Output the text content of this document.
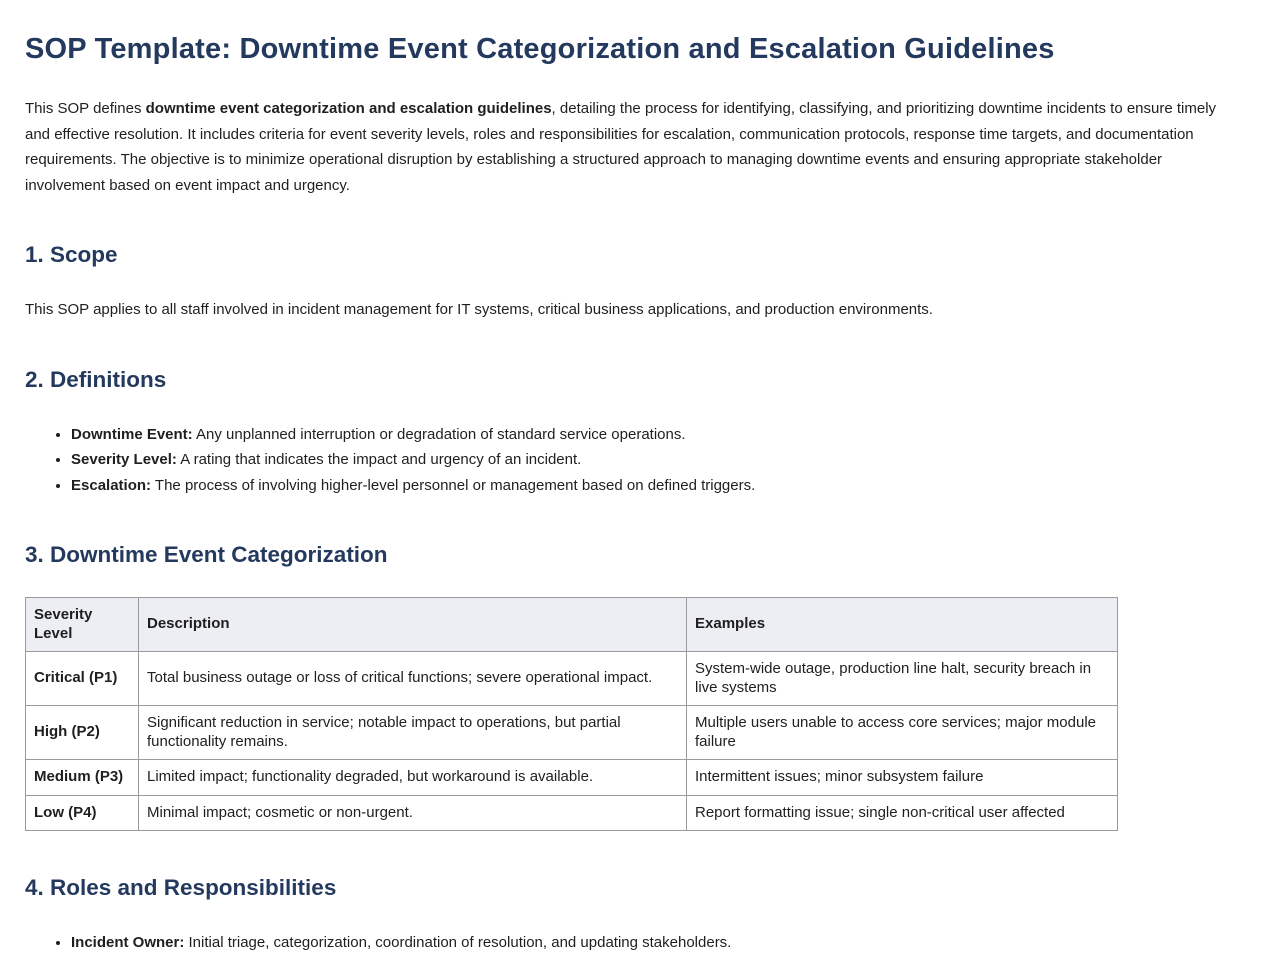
SOP Template: Downtime Event Categorization and Escalation Guidelines

This SOP defines downtime event categorization and escalation guidelines, detailing the process for identifying, classifying, and prioritizing downtime incidents to ensure timely and effective resolution. It includes criteria for event severity levels, roles and responsibilities for escalation, communication protocols, response time targets, and documentation requirements. The objective is to minimize operational disruption by establishing a structured approach to managing downtime events and ensuring appropriate stakeholder involvement based on event impact and urgency.

1. Scope

This SOP applies to all staff involved in incident management for IT systems, critical business applications, and production environments.

2. Definitions
• Downtime Event: Any unplanned interruption or degradation of standard service operations.
• Severity Level: A rating that indicates the impact and urgency of an incident.
• Escalation: The process of involving higher-level personnel or management based on defined triggers.
3. Downtime Event Categorization
Severity Level	Description	Examples
Critical (P1)	Total business outage or loss of critical functions; severe operational impact.	System-wide outage, production line halt, security breach in live systems
High (P2)	Significant reduction in service; notable impact to operations, but partial functionality remains.	Multiple users unable to access core services; major module failure
Medium (P3)	Limited impact; functionality degraded, but workaround is available.	Intermittent issues; minor subsystem failure
Low (P4)	Minimal impact; cosmetic or non-urgent.	Report formatting issue; single non-critical user affected
4. Roles and Responsibilities
• Incident Owner: Initial triage, categorization, coordination of resolution, and updating stakeholders.
